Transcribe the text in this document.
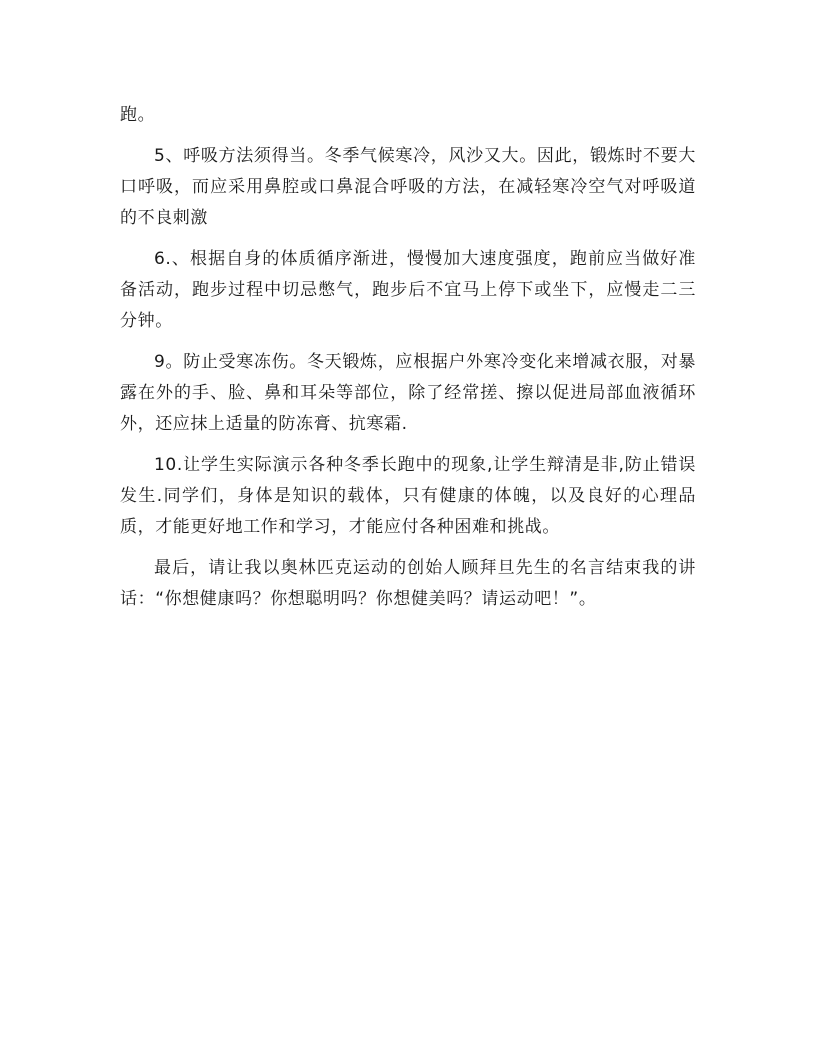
跑。

5、呼吸方法须得当。冬季气候寒冷，风沙又大。因此，锻炼时不要大口呼吸，而应采用鼻腔或口鼻混合呼吸的方法，在减轻寒冷空气对呼吸道的不良刺激

6.、根据自身的体质循序渐进，慢慢加大速度强度，跑前应当做好准备活动，跑步过程中切忌憋气，跑步后不宜马上停下或坐下，应慢走二三分钟。

9。防止受寒冻伤。冬天锻炼，应根据户外寒冷变化来增减衣服，对暴露在外的手、脸、鼻和耳朵等部位，除了经常搓、擦以促进局部血液循环外，还应抹上适量的防冻膏、抗寒霜.

10.让学生实际演示各种冬季长跑中的现象,让学生辩清是非,防止错误发生.同学们，身体是知识的载体，只有健康的体魄，以及良好的心理品质，才能更好地工作和学习，才能应付各种困难和挑战。

最后，请让我以奥林匹克运动的创始人顾拜旦先生的名言结束我的讲话：“你想健康吗？你想聪明吗？你想健美吗？请运动吧！”。
